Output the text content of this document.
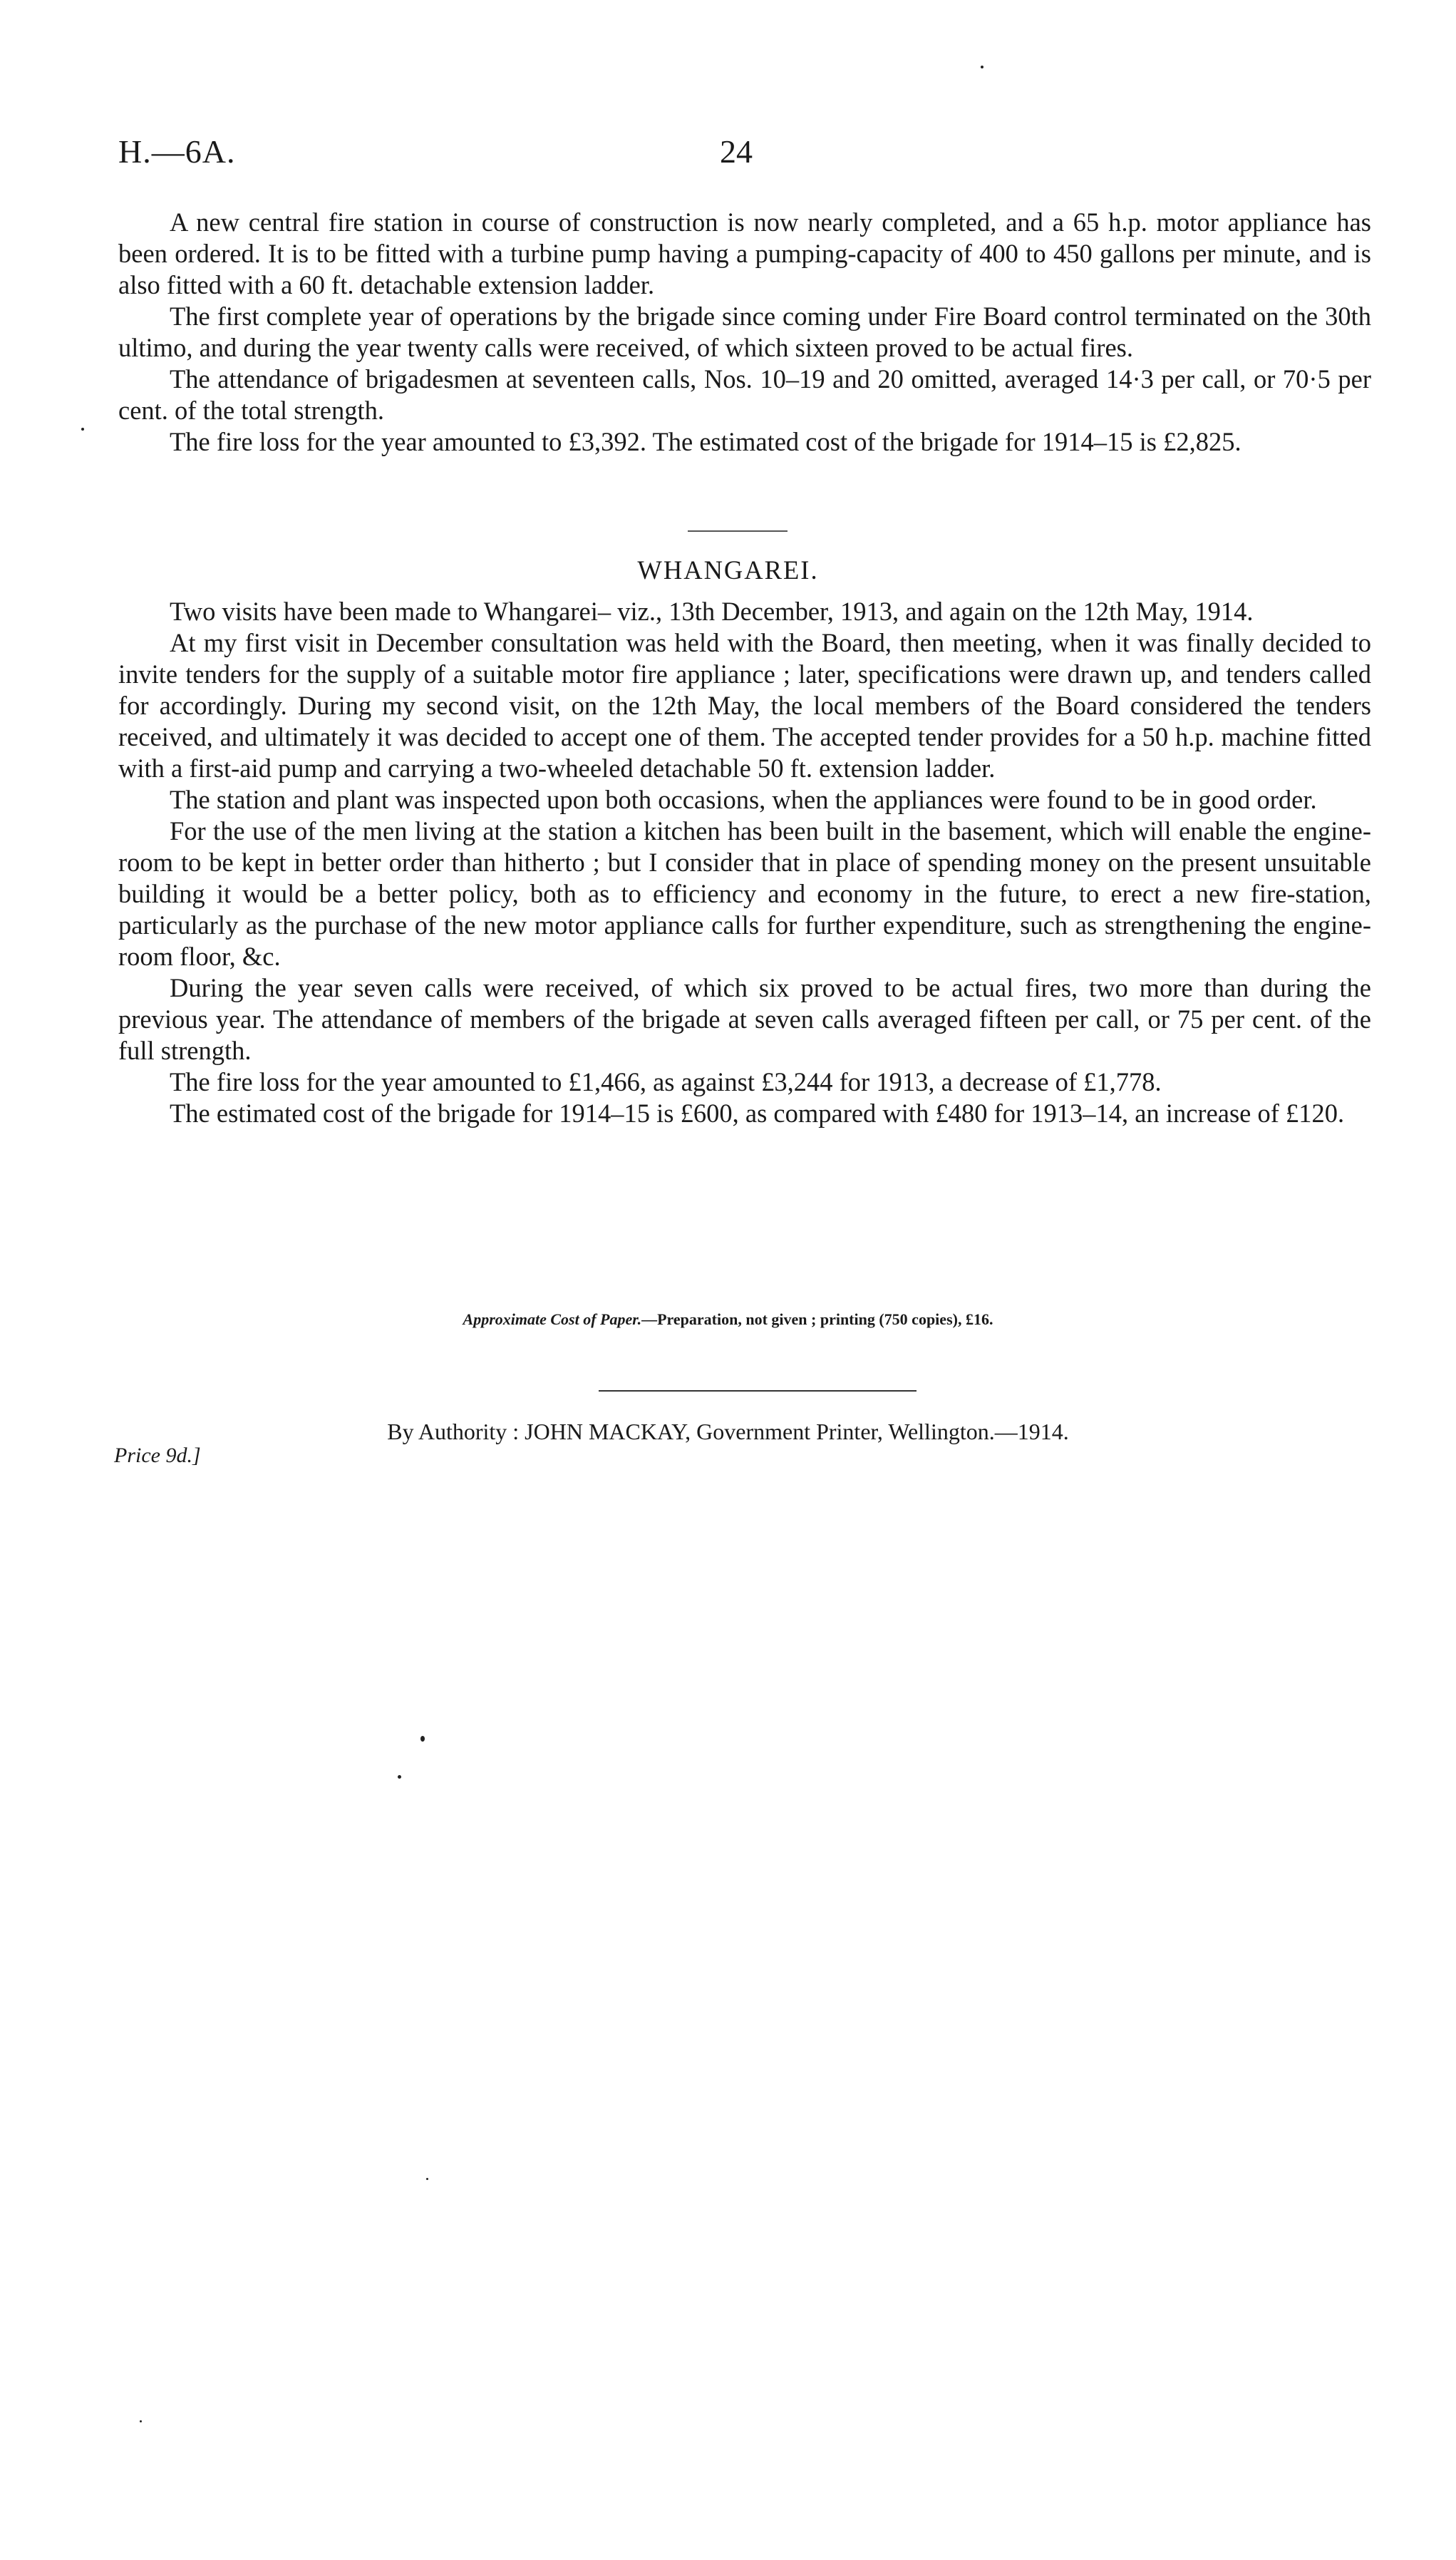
H.—6A.	24

A new central fire station in course of construction is now nearly completed, and a 65 h.p. motor appliance has been ordered. It is to be fitted with a turbine pump having a pumping-capacity of 400 to 450 gallons per minute, and is also fitted with a 60 ft. detachable extension ladder.

The first complete year of operations by the brigade since coming under Fire Board control terminated on the 30th ultimo, and during the year twenty calls were received, of which sixteen proved to be actual fires.

The attendance of brigadesmen at seventeen calls, Nos. 10–19 and 20 omitted, averaged 14·3 per call, or 70·5 per cent. of the total strength.

The fire loss for the year amounted to £3,392. The estimated cost of the brigade for 1914–15 is £2,825.

WHANGAREI.

Two visits have been made to Whangarei– viz., 13th December, 1913, and again on the 12th May, 1914.

At my first visit in December consultation was held with the Board, then meeting, when it was finally decided to invite tenders for the supply of a suitable motor fire appliance ; later, specifications were drawn up, and tenders called for accordingly. During my second visit, on the 12th May, the local members of the Board considered the tenders received, and ultimately it was decided to accept one of them. The accepted tender provides for a 50 h.p. machine fitted with a first-aid pump and carrying a two-wheeled detachable 50 ft. extension ladder.

The station and plant was inspected upon both occasions, when the appliances were found to be in good order.

For the use of the men living at the station a kitchen has been built in the basement, which will enable the engine-room to be kept in better order than hitherto ; but I consider that in place of spending money on the present unsuitable building it would be a better policy, both as to efficiency and economy in the future, to erect a new fire-station, particularly as the purchase of the new motor appliance calls for further expenditure, such as strengthening the engine-room floor, &c.

During the year seven calls were received, of which six proved to be actual fires, two more than during the previous year. The attendance of members of the brigade at seven calls averaged fifteen per call, or 75 per cent. of the full strength.

The fire loss for the year amounted to £1,466, as against £3,244 for 1913, a decrease of £1,778.

The estimated cost of the brigade for 1914–15 is £600, as compared with £480 for 1913–14, an increase of £120.

Approximate Cost of Paper.—Preparation, not given ; printing (750 copies), £16.
By Authority : JOHN MACKAY, Government Printer, Wellington.—1914.
Price 9d.]
